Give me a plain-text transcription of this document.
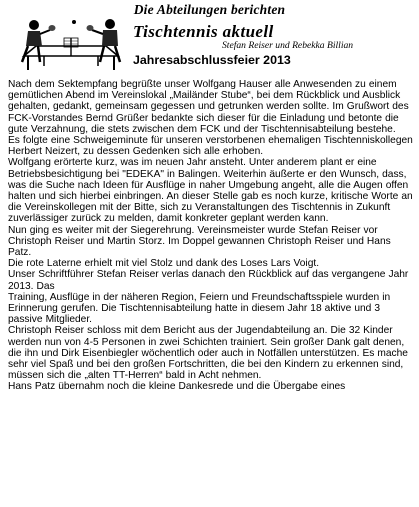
Die Abteilungen berichten
Tischtennis aktuell
Stefan Reiser und Rebekka Billian
Jahresabschlussfeier 2013
Nach dem Sektempfang begrüßte unser Wolfgang Hauser alle Anwesenden zu einem gemütlichen Abend im Vereinslokal „Mailänder Stube“, bei dem Rückblick und Ausblick gehalten, gedankt, gemeinsam gegessen und getrunken werden sollte. Im Grußwort des FCK-Vorstandes Bernd Grüßer bedankte sich dieser für die Einladung und betonte die gute Verzahnung, die stets zwischen dem FCK und der Tischtennisabteilung bestehe.
Es folgte eine Schweigeminute für unseren verstorbenen ehemaligen Tischtenniskollegen Herbert Neizert, zu dessen Gedenken sich alle erhoben.
Wolfgang erörterte kurz, was im neuen Jahr ansteht. Unter anderem plant er eine Betriebsbesichtigung bei "EDEKA" in Balingen. Weiterhin äußerte er den Wunsch, dass, was die Suche nach Ideen für Ausflüge in naher Umgebung angeht, alle die Augen offen halten und sich hierbei einbringen. An dieser Stelle gab es noch kurze, kritische Worte an die Vereinskollegen mit der Bitte, sich zu Veranstaltungen des Tischtennis in Zukunft zuverlässiger zurück zu melden, damit konkreter geplant werden kann.
Nun ging es weiter mit der Siegerehrung. Vereinsmeister wurde Stefan Reiser vor Christoph Reiser und Martin Storz. Im Doppel gewannen Christoph Reiser und Hans Patz.
Die rote Laterne erhielt mit viel Stolz und dank des Loses Lars Voigt.
Unser Schriftführer Stefan Reiser verlas danach den Rückblick auf das vergangene Jahr 2013. Das
Training, Ausflüge in der näheren Region, Feiern und Freundschaftsspiele wurden in Erinnerung gerufen. Die Tischtennisabteilung hatte in diesem Jahr 18 aktive und 3 passive Mitglieder.
Christoph Reiser schloss mit dem Bericht aus der Jugendabteilung an. Die 32 Kinder werden nun von 4-5 Personen in zwei Schichten trainiert. Sein großer Dank galt denen, die ihn und Dirk Eisenbiegler wöchentlich oder auch in Notfällen unterstützen. Es mache sehr viel Spaß und bei den großen Fortschritten, die bei den Kindern zu erkennen sind, müssen sich die „alten TT-Herren“ bald in Acht nehmen.
Hans Patz übernahm noch die kleine Dankesrede und die Übergabe eines
